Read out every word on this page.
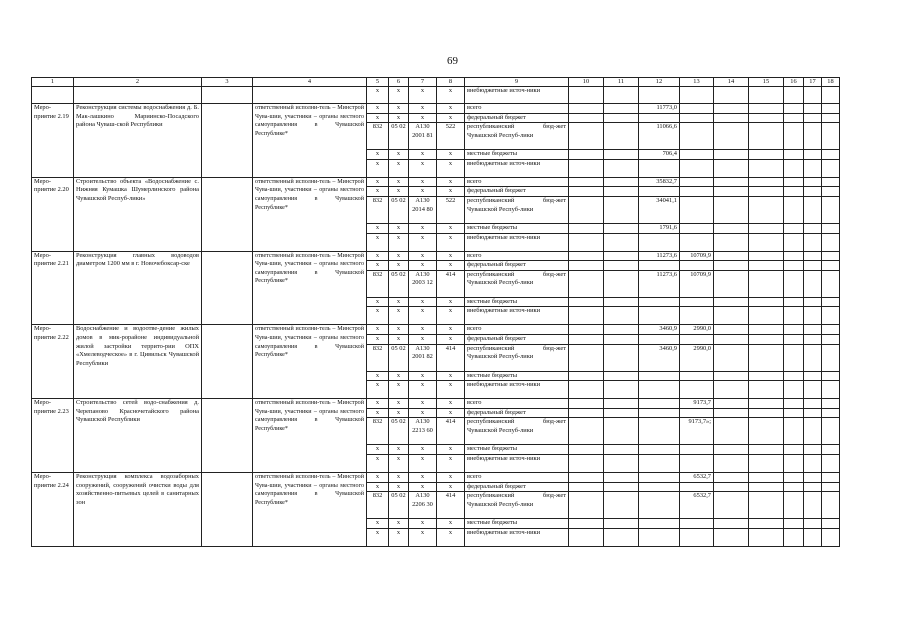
69
1	2	3	4	5	6	7	8	9	10	11	12	13	14	15	16	17	18
				x	x	x	x	внебюджетные источ-ники									
Меро-приятие 2.19	Реконструкция системы водоснабжения д. Б. Мак-лашкино Мариинско-Посадского района Чуваш-ской Республики		ответственный исполни-тель – Минстрой Чува-шии, участники – органы местного самоуправления в Чувашской Республике*	x	x	x	x	всего			11773,0						
				x	x	x	x	федеральный бюджет									
				832	05 02	А130 2001 81	522	республиканский бюд-жет Чувашской Респуб-лики			11066,6						
				x	x	x	x	местные бюджеты			706,4						
				x	x	x	x	внебюджетные источ-ники									
Меро-приятие 2.20	Строительство объекта «Водоснабжение с. Нижняя Кумашка Шумерлинского района Чувашской Респуб-лики»		ответственный исполни-тель – Минстрой Чува-шии, участники – органы местного самоуправления в Чувашской Республике*	x	x	x	x	всего			35832,7						
				x	x	x	x	федеральный бюджет									
				832	05 02	А130 2014 80	522	республиканский бюд-жет Чувашской Респуб-лики			34041,1						
				x	x	x	x	местные бюджеты			1791,6						
				x	x	x	x	внебюджетные источ-ники									
Меро-приятие 2.21	Реконструкция главных водоводов диаметром 1200 мм в г. Новочебоксар-ске		ответственный исполни-тель – Минстрой Чува-шии, участники – органы местного самоуправления в Чувашской Республике*	x	x	x	x	всего			11273,6	10709,9					
				x	x	x	x	федеральный бюджет									
				832	05 02	А130 2003 12	414	республиканский бюд-жет Чувашской Респуб-лики			11273,6	10709,9					
				x	x	x	x	местные бюджеты									
				x	x	x	x	внебюджетные источ-ники									
Меро-приятие 2.22	Водоснабжение и водоотве-дение жилых домов в мик-рорайоне индивидуальной жилой застройки террито-рии ОПХ «Хмелеводческое» в г. Цивильск Чувашской Республики		ответственный исполни-тель – Минстрой Чува-шии, участники – органы местного самоуправления в Чувашской Республике*	x	x	x	x	всего			3460,9	2990,0					
				x	x	x	x	федеральный бюджет									
				832	05 02	А130 2001 82	414	республиканский бюд-жет Чувашской Респуб-лики			3460,9	2990,0					
				x	x	x	x	местные бюджеты									
				x	x	x	x	внебюджетные источ-ники									
Меро-приятие 2.23	Строительство сетей водо-снабжения д. Черепаново Красночетайского района Чувашской Республики		ответственный исполни-тель – Минстрой Чува-шии, участники – органы местного самоуправления в Чувашской Республике*	x	x	x	x	всего				9173,7					
				x	x	x	x	федеральный бюджет									
				832	05 02	А130 2213 60	414	республиканский бюд-жет Чувашской Респуб-лики				9173,7»;					
				x	x	x	x	местные бюджеты									
				x	x	x	x	внебюджетные источ-ники									
Меро-приятие 2.24	Реконструкция комплекса водозаборных сооружений, сооружений очистки воды для хозяйственно-питьевых целей в санитарных зон		ответственный исполни-тель – Минстрой Чува-шии, участники – органы местного самоуправления в Чувашской Республике*	x	x	x	x	всего				6532,7					
				x	x	x	x	федеральный бюджет									
				832	05 02	А130 2206 30	414	республиканский бюд-жет Чувашской Респуб-лики				6532,7					
				x	x	x	x	местные бюджеты									
				x	x	x	x	внебюджетные источ-ники									
